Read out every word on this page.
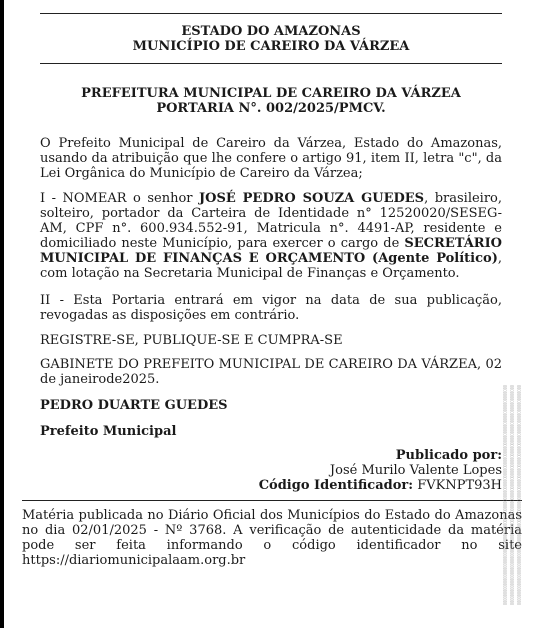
ESTADO DO AMAZONAS
MUNICÍPIO DE CAREIRO DA VÁRZEA
PREFEITURA MUNICIPAL DE CAREIRO DA VÁRZEA
PORTARIA N°. 002/2025/PMCV.
O Prefeito Municipal de Careiro da Várzea, Estado do Amazonas, usando da atribuição que lhe confere o artigo 91, item II, letra "c", da Lei Orgânica do Município de Careiro da Várzea;
I - NOMEAR o senhor JOSÉ PEDRO SOUZA GUEDES, brasileiro, solteiro, portador da Carteira de Identidade n° 12520020/SESEG-AM, CPF n°. 600.934.552-91, Matricula n°. 4491-AP, residente e domiciliado neste Município, para exercer o cargo de SECRETÁRIO MUNICIPAL DE FINANÇAS E ORÇAMENTO (Agente Político), com lotação na Secretaria Municipal de Finanças e Orçamento.
II - Esta Portaria entrará em vigor na data de sua publicação, revogadas as disposições em contrário.
REGISTRE-SE, PUBLIQUE-SE E CUMPRA-SE
GABINETE DO PREFEITO MUNICIPAL DE CAREIRO DA VÁRZEA, 02 de janeirode2025.
PEDRO DUARTE GUEDES
Prefeito Municipal
Publicado por:
José Murilo Valente Lopes
Código Identificador: FVKNPT93H
Matéria publicada no Diário Oficial dos Municípios do Estado do Amazonas no dia 02/01/2025 - Nº 3768. A verificação de autenticidade da matéria pode ser feita informando o código identificador no site https://diariomunicipalaam.org.br	▯▯▯▯▯▯▯▯▯▯▯▯▯▯▯▯▯▯▯▯▯▯▯▯▯▯▯▯▯▯▯▯▯▯▯▯▯▯▯▯▯▯▯▯▯▯▯▯▯▯▯▯▯▯▯▯▯▯▯▯▯▯▯▯▯▯▯▯▯▯▯▯▯▯▯▯▯▯▯▯▯▯▯▯▯▯▯▯▯▯▯▯▯▯▯▯▯▯▯▯ ▯▯▯▯▯▯▯▯▯▯▯▯▯▯▯▯▯▯▯▯▯▯▯▯▯▯▯▯▯▯▯▯▯▯▯▯▯▯▯▯▯▯▯▯▯▯▯▯▯▯▯▯▯▯▯▯▯▯▯▯▯▯▯▯▯▯▯▯▯▯▯▯▯▯▯▯▯▯▯▯▯▯▯▯▯▯▯▯▯▯▯▯▯▯▯▯▯▯▯▯ ▯▯▯▯▯▯▯▯▯▯▯▯▯▯▯▯▯▯▯▯▯▯▯▯▯▯▯▯▯▯▯▯▯▯▯▯▯▯▯▯▯▯▯▯▯▯▯▯▯▯▯▯▯▯▯▯▯▯▯▯▯▯▯▯▯▯▯▯▯▯▯▯▯▯▯▯▯▯▯▯▯▯▯▯▯▯▯▯▯▯▯▯▯▯▯▯▯▯▯▯
